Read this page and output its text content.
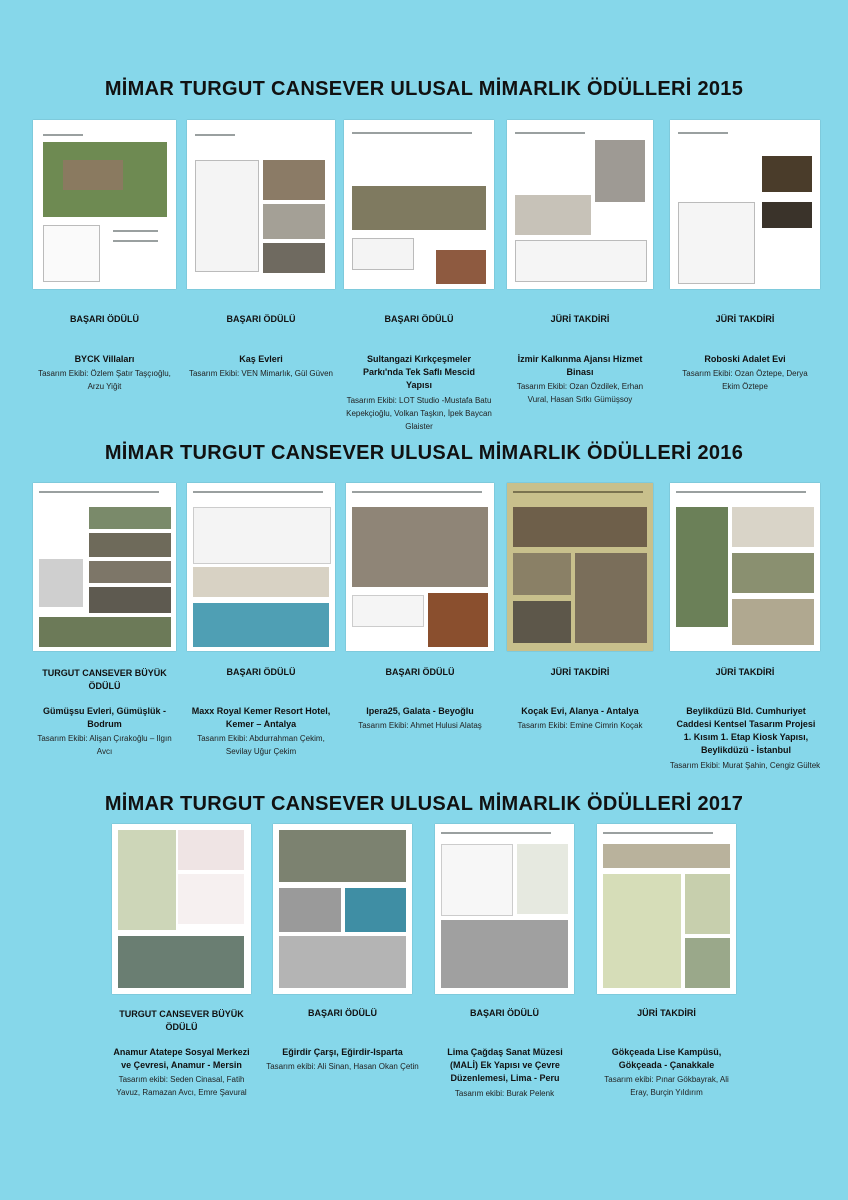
MİMAR TURGUT CANSEVER ULUSAL MİMARLIK ÖDÜLLERİ 2015
BAŞARI ÖDÜLÜ	BAŞARI ÖDÜLÜ	BAŞARI ÖDÜLÜ	JÜRİ TAKDİRİ	JÜRİ TAKDİRİ
BYCK Villaları
Tasarım Ekibi: Özlem Şatır Taşçıoğlu, Arzu Yiğit
Kaş Evleri
Tasarım Ekibi: VEN Mimarlık, Gül Güven
Sultangazi Kırkçeşmeler Parkı'nda Tek Saflı Mescid Yapısı
Tasarım Ekibi: LOT Studio -Mustafa Batu Kepekçioğlu, Volkan Taşkın, İpek Baycan Glaister
İzmir Kalkınma Ajansı Hizmet Binası
Tasarım Ekibi: Ozan Özdilek, Erhan Vural, Hasan Sıtkı Gümüşsoy
Roboski Adalet Evi
Tasarım Ekibi: Ozan Öztepe, Derya Ekim Öztepe
MİMAR TURGUT CANSEVER ULUSAL MİMARLIK ÖDÜLLERİ 2016
TURGUT CANSEVER BÜYÜK ÖDÜLÜ
BAŞARI ÖDÜLÜ	BAŞARI ÖDÜLÜ	JÜRİ TAKDİRİ	JÜRİ TAKDİRİ
Gümüşsu Evleri, Gümüşlük - Bodrum
Tasarım Ekibi: Alişan Çırakoğlu – Ilgın Avcı
Maxx Royal Kemer Resort Hotel, Kemer – Antalya
Tasarım Ekibi: Abdurrahman Çekim, Sevilay Uğur Çekim
Ipera25, Galata - Beyoğlu
Tasarım Ekibi: Ahmet Hulusi Alataş
Koçak Evi, Alanya - Antalya
Tasarım Ekibi: Emine Cimrin Koçak
Beylikdüzü Bld. Cumhuriyet Caddesi Kentsel Tasarım Projesi 1. Kısım 1. Etap Kiosk Yapısı, Beylikdüzü - İstanbul
Tasarım Ekibi: Murat Şahin, Cengiz Gültek
MİMAR TURGUT CANSEVER ULUSAL MİMARLIK ÖDÜLLERİ 2017
TURGUT CANSEVER BÜYÜK ÖDÜLÜ
BAŞARI ÖDÜLÜ	BAŞARI ÖDÜLÜ	JÜRİ TAKDİRİ
Anamur Atatepe Sosyal Merkezi ve Çevresi, Anamur - Mersin
Tasarım ekibi: Seden Cinasal, Fatih Yavuz, Ramazan Avcı, Emre Şavural
Eğirdir Çarşı, Eğirdir-Isparta
Tasarım ekibi: Ali Sinan, Hasan Okan Çetin
Lima Çağdaş Sanat Müzesi (MALİ) Ek Yapısı ve Çevre Düzenlemesi, Lima - Peru
Tasarım ekibi: Burak Pelenk
Gökçeada Lise Kampüsü, Gökçeada - Çanakkale
Tasarım ekibi: Pınar Gökbayrak, Ali Eray, Burçin Yıldırım
